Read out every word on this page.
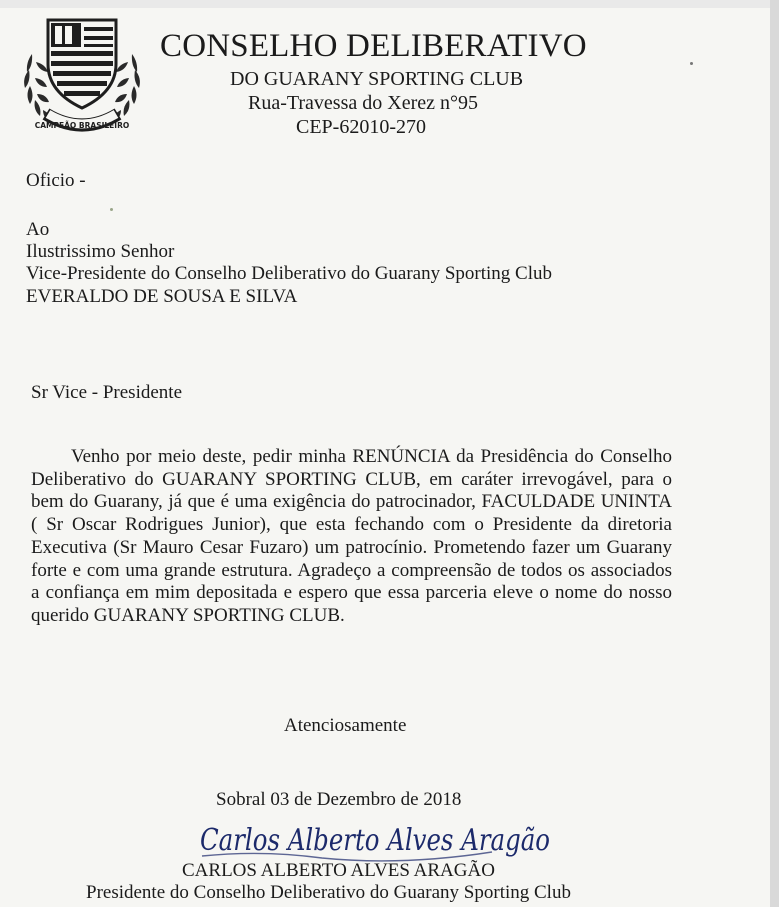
CAMPEÃO BRASILEIRO
CONSELHO DELIBERATIVO
DO GUARANY SPORTING CLUB
Rua-Travessa do Xerez n°95
CEP-62010-270
Oficio -
Ao
Ilustrissimo Senhor
Vice-Presidente do Conselho Deliberativo do Guarany Sporting Club
EVERALDO DE SOUSA E SILVA
Sr Vice - Presidente
Venho por meio deste, pedir minha RENÚNCIA da Presidência do Conselho Deliberativo do GUARANY SPORTING CLUB, em caráter irrevogável, para o bem do Guarany, já que é uma exigência do patrocinador, FACULDADE UNINTA ( Sr Oscar Rodrigues Junior), que esta fechando com o Presidente da diretoria Executiva (Sr Mauro Cesar Fuzaro) um patrocínio. Prometendo fazer um Guarany forte e com uma grande estrutura. Agradeço a compreensão de todos os associados a confiança em mim depositada e espero que essa parceria eleve o nome do nosso querido GUARANY SPORTING CLUB.
Atenciosamente
Sobral 03 de Dezembro de 2018
Carlos Alberto Alves Aragão
CARLOS ALBERTO ALVES ARAGÃO
Presidente do Conselho Deliberativo do Guarany Sporting Club
